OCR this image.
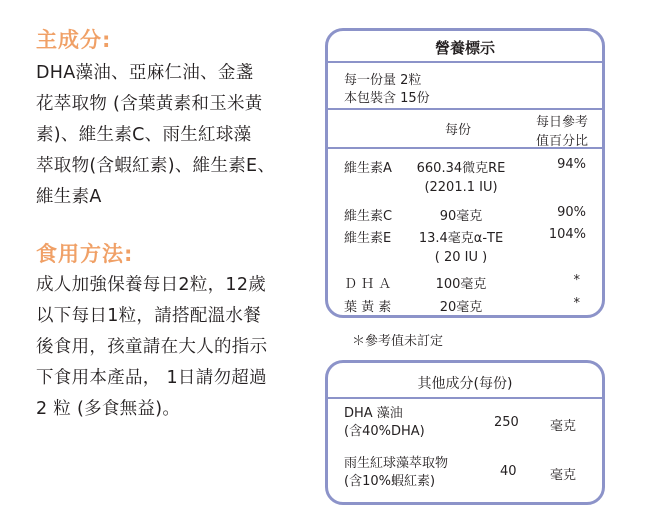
主成分:
DHA藻油、亞麻仁油、金盞
花萃取物 (含葉黃素和玉米黃
素)、維生素C、雨生紅球藻
萃取物(含蝦紅素)、維生素E、
維生素A
食用方法:
成人加強保養每日2粒，12歲
以下每日1粒，請搭配溫水餐
後食用，孩童請在大人的指示
下食用本產品， 1日請勿超過
2 粒 (多食無益)。
營養標示
每一份量 2粒
本包裝含 15份
每份
每日參考
值百分比
維生素A	660.34微克RE	94%
(2201.1 IU)
維生素C	90毫克	90%
維生素E	13.4毫克α-TE	104%
( 20 IU )
Ｄ Ｈ Ａ	100毫克	*
葉 黃 素	20毫克	*
＊參考值未訂定
其他成分(每份)
DHA 藻油
(含40%DHA)
250 毫克
雨生紅球藻萃取物
(含10%蝦紅素)
40	毫克
